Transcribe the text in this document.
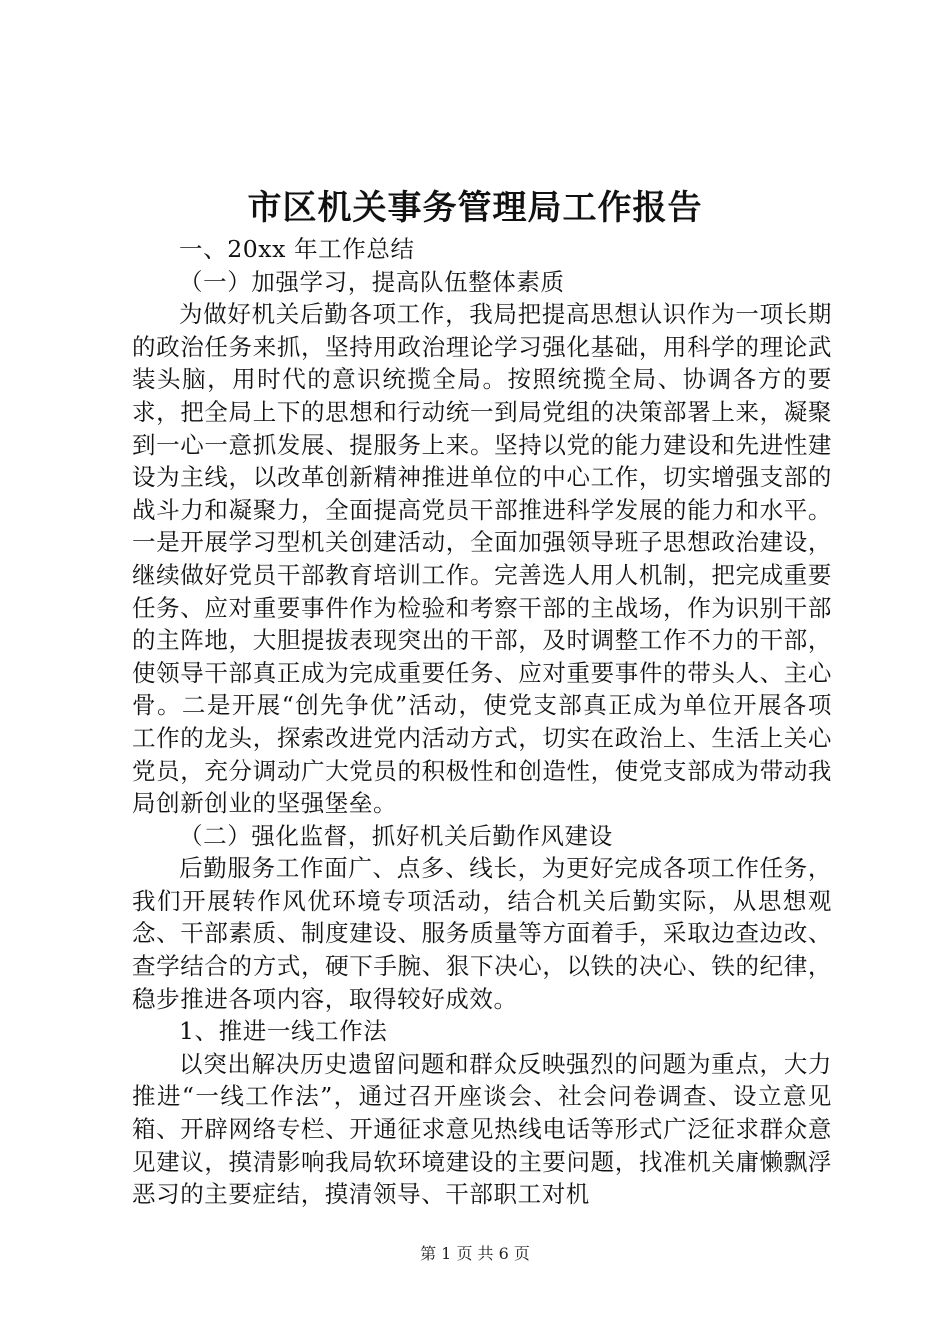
市区机关事务管理局工作报告

一、20xx 年工作总结

（一）加强学习，提高队伍整体素质

为做好机关后勤各项工作，我局把提高思想认识作为一项长期的政治任务来抓，坚持用政治理论学习强化基础，用科学的理论武装头脑，用时代的意识统揽全局。按照统揽全局、协调各方的要求，把全局上下的思想和行动统一到局党组的决策部署上来，凝聚到一心一意抓发展、提服务上来。坚持以党的能力建设和先进性建设为主线，以改革创新精神推进单位的中心工作，切实增强支部的战斗力和凝聚力，全面提高党员干部推进科学发展的能力和水平。一是开展学习型机关创建活动，全面加强领导班子思想政治建设，继续做好党员干部教育培训工作。完善选人用人机制，把完成重要任务、应对重要事件作为检验和考察干部的主战场，作为识别干部的主阵地，大胆提拔表现突出的干部，及时调整工作不力的干部，使领导干部真正成为完成重要任务、应对重要事件的带头人、主心骨。二是开展“创先争优”活动，使党支部真正成为单位开展各项工作的龙头，探索改进党内活动方式，切实在政治上、生活上关心党员，充分调动广大党员的积极性和创造性，使党支部成为带动我局创新创业的坚强堡垒。

（二）强化监督，抓好机关后勤作风建设

后勤服务工作面广、点多、线长，为更好完成各项工作任务，我们开展转作风优环境专项活动，结合机关后勤实际，从思想观念、干部素质、制度建设、服务质量等方面着手，采取边查边改、查学结合的方式，硬下手腕、狠下决心，以铁的决心、铁的纪律，稳步推进各项内容，取得较好成效。

1、推进一线工作法

以突出解决历史遗留问题和群众反映强烈的问题为重点，大力推进“一线工作法”，通过召开座谈会、社会问卷调查、设立意见箱、开辟网络专栏、开通征求意见热线电话等形式广泛征求群众意见建议，摸清影响我局软环境建设的主要问题，找准机关庸懒飘浮恶习的主要症结，摸清领导、干部职工对机

第 1 页 共 6 页
